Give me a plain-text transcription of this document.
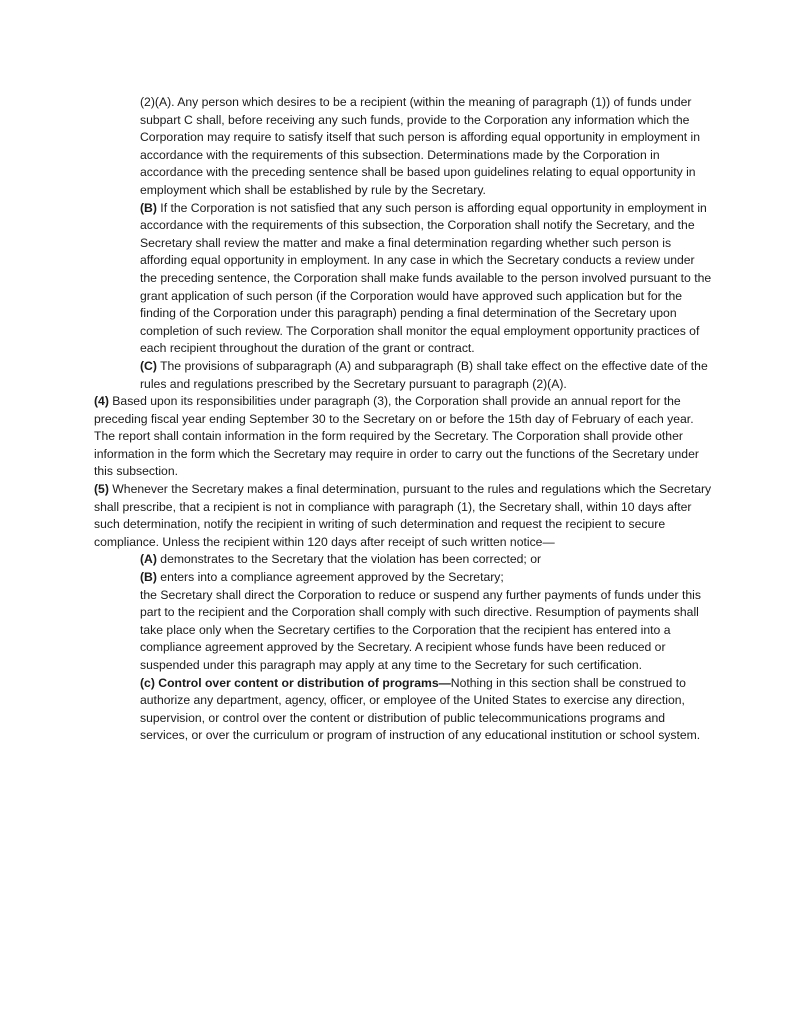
(2)(A). Any person which desires to be a recipient (within the meaning of paragraph (1)) of funds under subpart C shall, before receiving any such funds, provide to the Corporation any information which the Corporation may require to satisfy itself that such person is affording equal opportunity in employment in accordance with the requirements of this subsection. Determinations made by the Corporation in accordance with the preceding sentence shall be based upon guidelines relating to equal opportunity in employment which shall be established by rule by the Secretary.

(B) If the Corporation is not satisfied that any such person is affording equal opportunity in employment in accordance with the requirements of this subsection, the Corporation shall notify the Secretary, and the Secretary shall review the matter and make a final determination regarding whether such person is affording equal opportunity in employment. In any case in which the Secretary conducts a review under the preceding sentence, the Corporation shall make funds available to the person involved pursuant to the grant application of such person (if the Corporation would have approved such application but for the finding of the Corporation under this paragraph) pending a final determination of the Secretary upon completion of such review. The Corporation shall monitor the equal employment opportunity practices of each recipient throughout the duration of the grant or contract.

(C) The provisions of subparagraph (A) and subparagraph (B) shall take effect on the effective date of the rules and regulations prescribed by the Secretary pursuant to paragraph (2)(A).

(4) Based upon its responsibilities under paragraph (3), the Corporation shall provide an annual report for the preceding fiscal year ending September 30 to the Secretary on or before the 15th day of February of each year. The report shall contain information in the form required by the Secretary. The Corporation shall provide other information in the form which the Secretary may require in order to carry out the functions of the Secretary under this subsection.

(5) Whenever the Secretary makes a final determination, pursuant to the rules and regulations which the Secretary shall prescribe, that a recipient is not in compliance with paragraph (1), the Secretary shall, within 10 days after such determination, notify the recipient in writing of such determination and request the recipient to secure compliance. Unless the recipient within 120 days after receipt of such written notice—

(A) demonstrates to the Secretary that the violation has been corrected; or

(B) enters into a compliance agreement approved by the Secretary;

the Secretary shall direct the Corporation to reduce or suspend any further payments of funds under this part to the recipient and the Corporation shall comply with such directive. Resumption of payments shall take place only when the Secretary certifies to the Corporation that the recipient has entered into a compliance agreement approved by the Secretary. A recipient whose funds have been reduced or suspended under this paragraph may apply at any time to the Secretary for such certification.

(c) Control over content or distribution of programs—Nothing in this section shall be construed to authorize any department, agency, officer, or employee of the United States to exercise any direction, supervision, or control over the content or distribution of public telecommunications programs and services, or over the curriculum or program of instruction of any educational institution or school system.
